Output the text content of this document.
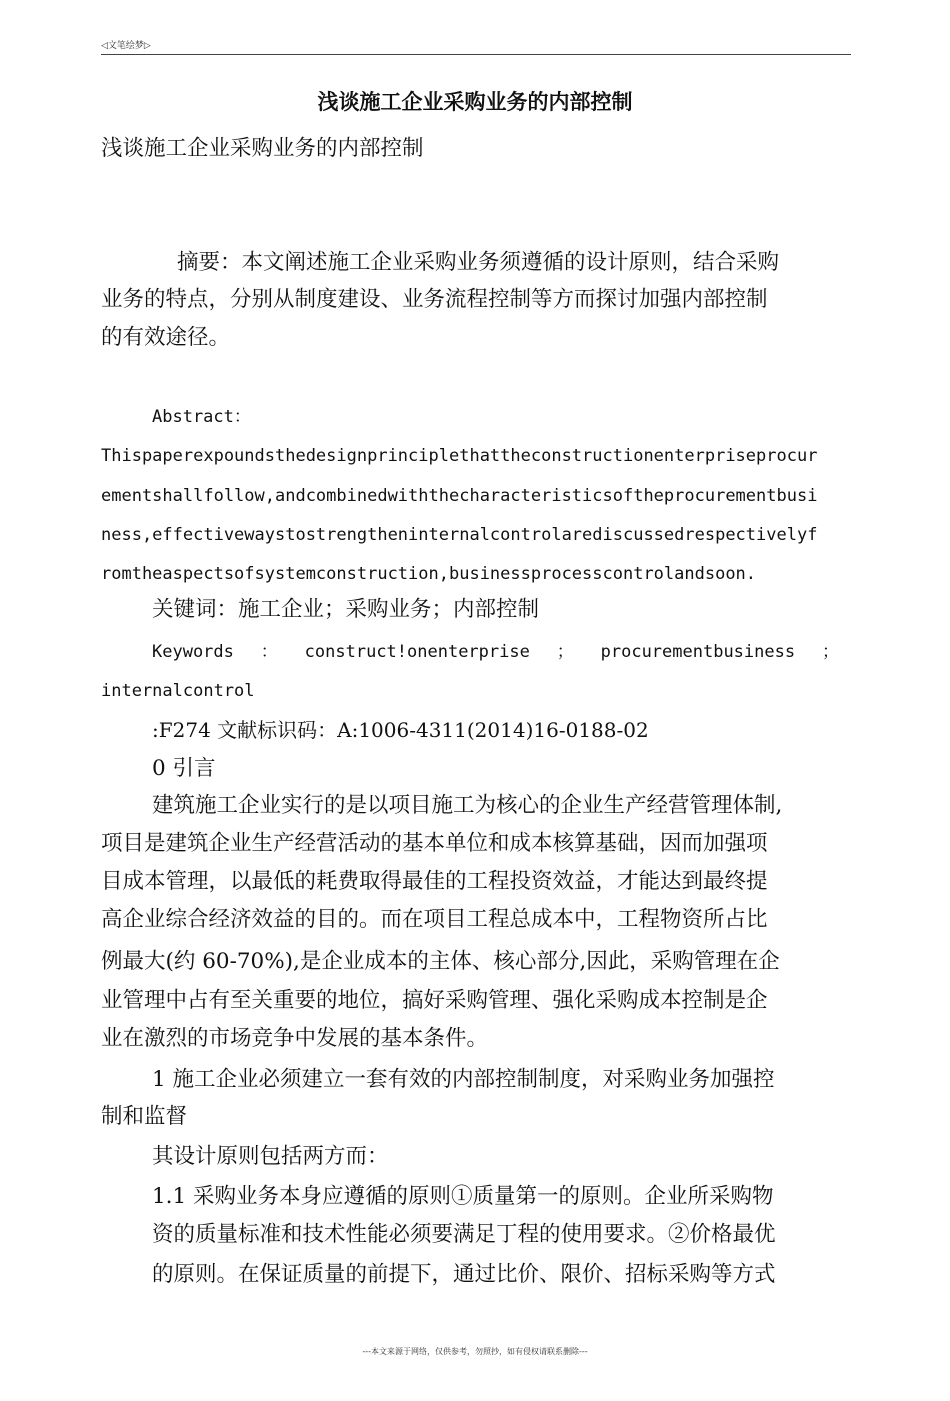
◁文笔绘梦▷
浅谈施工企业采购业务的内部控制
浅谈施工企业采购业务的内部控制
摘要：本文阐述施工企业采购业务须遵循的设计原则，结合采购
业务的特点，分别从制度建设、业务流程控制等方而探讨加强内部控制
的有效途径。
Abstract：
Thispaperexpoundsthedesignprinciplethattheconstructionenterpriseprocur
ementshallfollow,andcombinedwiththecharacteristicsoftheprocurementbusi
ness,effectivewaystostrengtheninternalcontrolarediscussedrespectivelyf
romtheaspectsofsystemconstruction,businessprocesscontrolandsoon.
关键词：施工企业；采购业务；内部控制
Keywords ： construct!onenterprise ； procurementbusiness ；
internalcontrol
:F274 文献标识码：A:1006-4311(2014)16-0188-02
0 引言
建筑施工企业实行的是以项目施工为核心的企业生产经营管理体制,
项目是建筑企业生产经营活动的基本单位和成本核算基础，因而加强项
目成本管理，以最低的耗费取得最佳的工程投资效益，才能达到最终提
高企业综合经济效益的目的。而在项目工程总成本中，工程物资所占比
例最大(约 60-70%),是企业成本的主体、核心部分,因此，采购管理在企
业管理中占有至关重要的地位，搞好采购管理、强化采购成本控制是企
业在激烈的市场竞争中发展的基本条件。
1 施工企业必须建立一套有效的内部控制制度，对采购业务加强控
制和监督
其设计原则包括两方而：
1.1 采购业务本身应遵循的原则①质量第一的原则。企业所采购物
资的质量标准和技术性能必须要满足丁程的使用要求。②价格最优
的原则。在保证质量的前提下，通过比价、限价、招标采购等方式
---本文来源于网络，仅供参考，勿照抄，如有侵权请联系删除---
